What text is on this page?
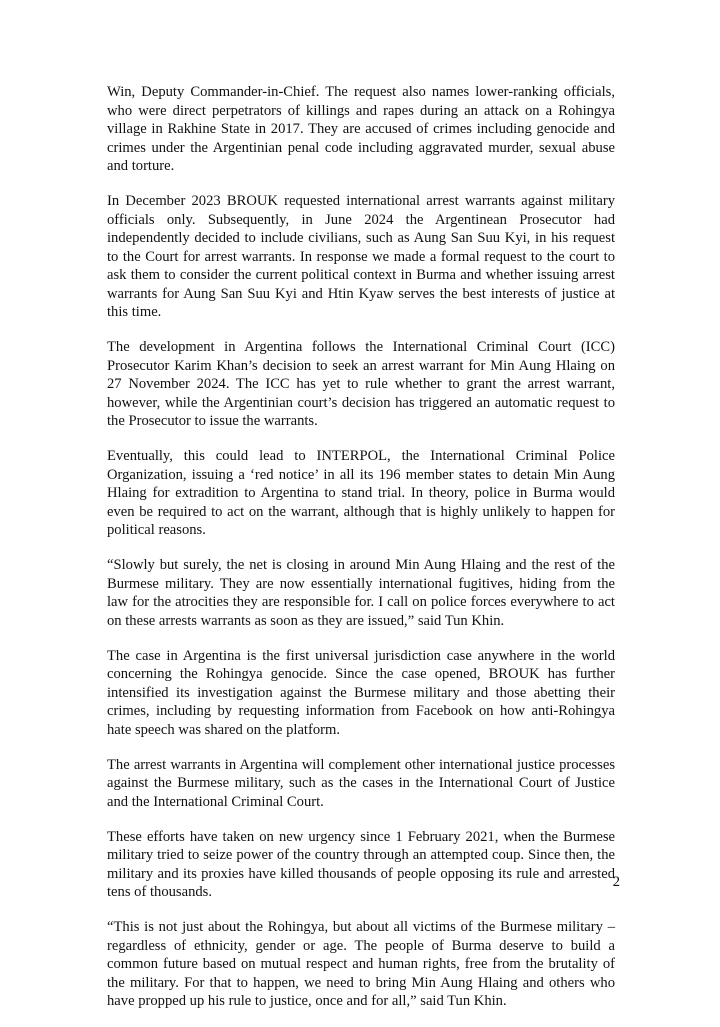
Win, Deputy Commander-in-Chief. The request also names lower-ranking officials, who were direct perpetrators of killings and rapes during an attack on a Rohingya village in Rakhine State in 2017. They are accused of crimes including genocide and crimes under the Argentinian penal code including aggravated murder, sexual abuse and torture.

In December 2023 BROUK requested international arrest warrants against military officials only. Subsequently, in June 2024 the Argentinean Prosecutor had independently decided to include civilians, such as Aung San Suu Kyi, in his request to the Court for arrest warrants. In response we made a formal request to the court to ask them to consider the current political context in Burma and whether issuing arrest warrants for Aung San Suu Kyi and Htin Kyaw serves the best interests of justice at this time.

The development in Argentina follows the International Criminal Court (ICC) Prosecutor Karim Khan’s decision to seek an arrest warrant for Min Aung Hlaing on 27 November 2024. The ICC has yet to rule whether to grant the arrest warrant, however, while the Argentinian court’s decision has triggered an automatic request to the Prosecutor to issue the warrants.

Eventually, this could lead to INTERPOL, the International Criminal Police Organization, issuing a ‘red notice’ in all its 196 member states to detain Min Aung Hlaing for extradition to Argentina to stand trial. In theory, police in Burma would even be required to act on the warrant, although that is highly unlikely to happen for political reasons.

“Slowly but surely, the net is closing in around Min Aung Hlaing and the rest of the Burmese military. They are now essentially international fugitives, hiding from the law for the atrocities they are responsible for. I call on police forces everywhere to act on these arrests warrants as soon as they are issued,” said Tun Khin.

The case in Argentina is the first universal jurisdiction case anywhere in the world concerning the Rohingya genocide. Since the case opened, BROUK has further intensified its investigation against the Burmese military and those abetting their crimes, including by requesting information from Facebook on how anti-Rohingya hate speech was shared on the platform.

The arrest warrants in Argentina will complement other international justice processes against the Burmese military, such as the cases in the International Court of Justice and the International Criminal Court.

These efforts have taken on new urgency since 1 February 2021, when the Burmese military tried to seize power of the country through an attempted coup. Since then, the military and its proxies have killed thousands of people opposing its rule and arrested tens of thousands.

“This is not just about the Rohingya, but about all victims of the Burmese military – regardless of ethnicity, gender or age. The people of Burma deserve to build a common future based on mutual respect and human rights, free from the brutality of the military. For that to happen, we need to bring Min Aung Hlaing and others who have propped up his rule to justice, once and for all,” said Tun Khin.

2
